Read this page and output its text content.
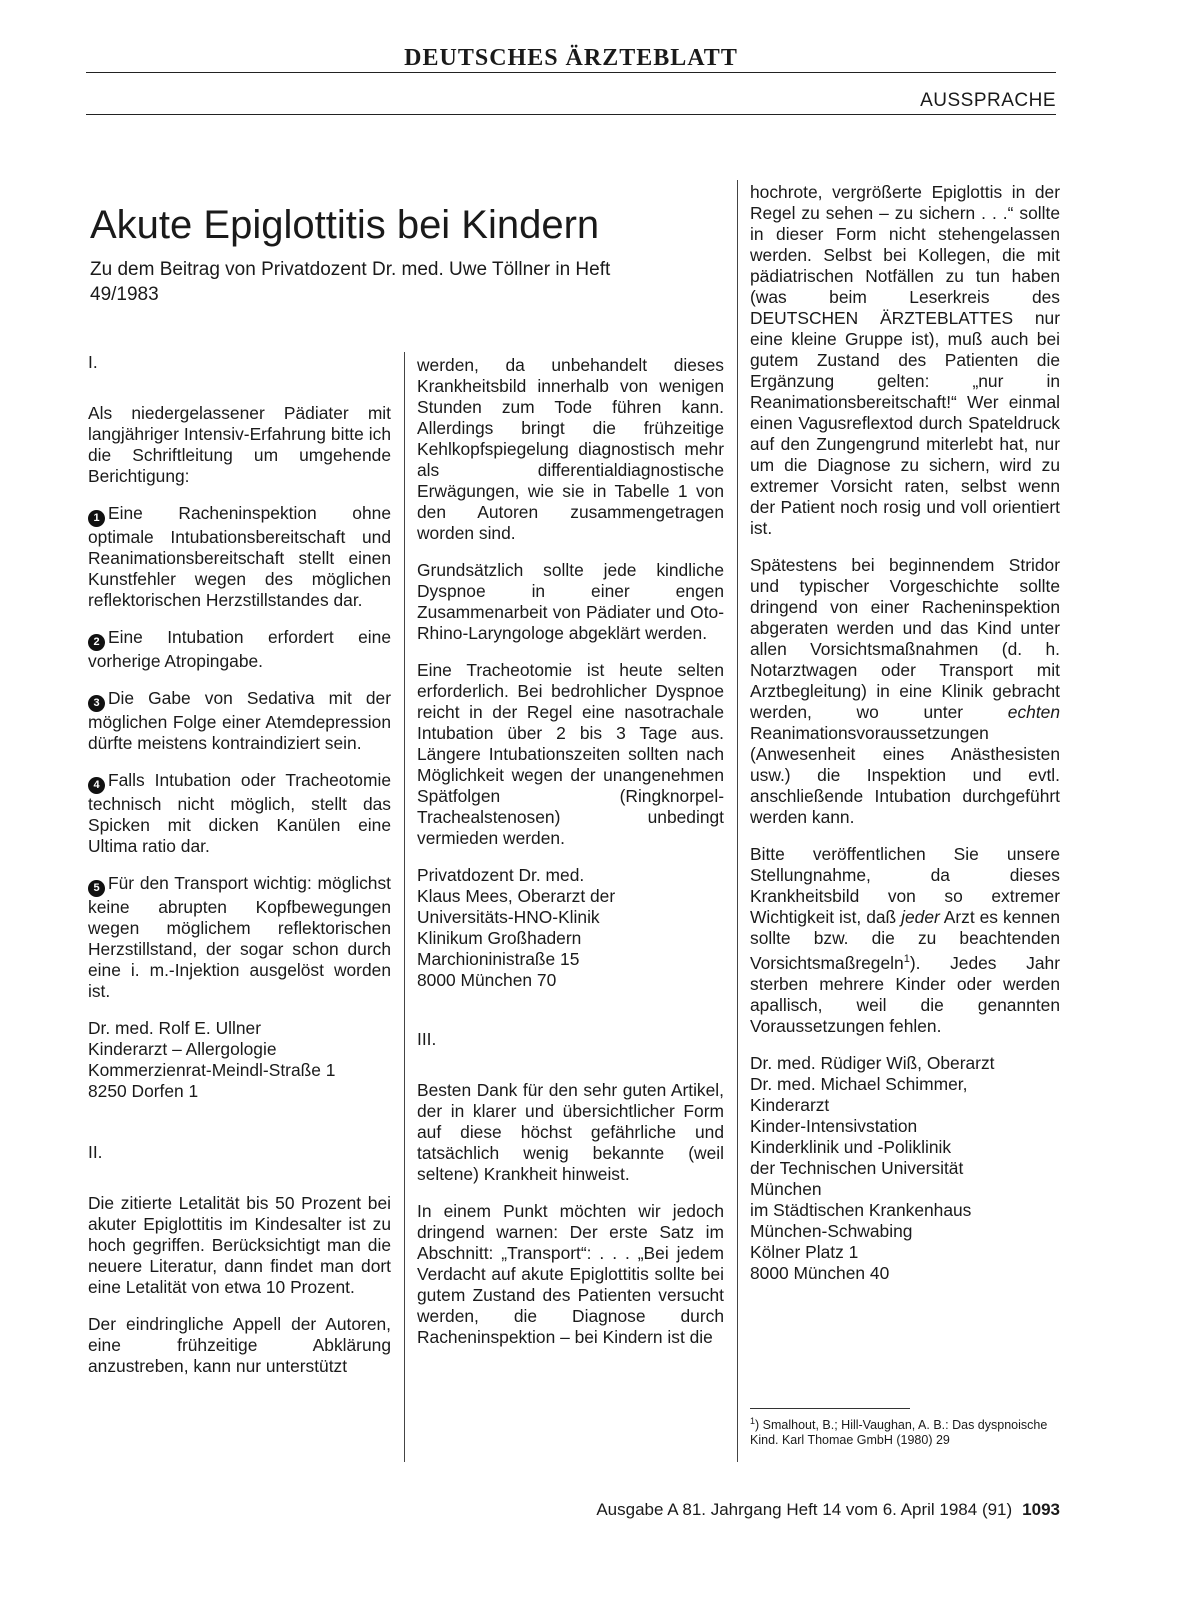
DEUTSCHES ÄRZTEBLATT
AUSSPRACHE
Akute Epiglottitis bei Kindern
Zu dem Beitrag von Privatdozent Dr. med. Uwe Töllner in Heft 49/1983

I.

Als niedergelassener Pädiater mit langjähriger Intensiv-Erfahrung bitte ich die Schriftleitung um umgehende Berichtigung:

1 Eine Racheninspektion ohne optimale Intubationsbereitschaft und Reanimationsbereitschaft stellt einen Kunstfehler wegen des möglichen reflektorischen Herzstillstandes dar.

2 Eine Intubation erfordert eine vorherige Atropingabe.

3 Die Gabe von Sedativa mit der möglichen Folge einer Atemdepression dürfte meistens kontraindiziert sein.

4 Falls Intubation oder Tracheotomie technisch nicht möglich, stellt das Spicken mit dicken Kanülen eine Ultima ratio dar.

5 Für den Transport wichtig: möglichst keine abrupten Kopfbewegungen wegen möglichem reflektorischen Herzstillstand, der sogar schon durch eine i. m.-Injektion ausgelöst worden ist.

Dr. med. Rolf E. Ullner
Kinderarzt – Allergologie
Kommerzienrat-Meindl-Straße 1
8250 Dorfen 1

II.

Die zitierte Letalität bis 50 Prozent bei akuter Epiglottitis im Kindesalter ist zu hoch gegriffen. Berücksichtigt man die neuere Literatur, dann findet man dort eine Letalität von etwa 10 Prozent.

Der eindringliche Appell der Autoren, eine frühzeitige Abklärung anzustreben, kann nur unterstützt

werden, da unbehandelt dieses Krankheitsbild innerhalb von wenigen Stunden zum Tode führen kann. Allerdings bringt die frühzeitige Kehlkopfspiegelung diagnostisch mehr als differentialdiagnostische Erwägungen, wie sie in Tabelle 1 von den Autoren zusammengetragen worden sind.

Grundsätzlich sollte jede kindliche Dyspnoe in einer engen Zusammenarbeit von Pädiater und Oto-Rhino-Laryngologe abgeklärt werden.

Eine Tracheotomie ist heute selten erforderlich. Bei bedrohlicher Dyspnoe reicht in der Regel eine nasotrachale Intubation über 2 bis 3 Tage aus. Längere Intubationszeiten sollten nach Möglichkeit wegen der unangenehmen Spätfolgen (Ringknorpel-Trachealstenosen) unbedingt vermieden werden.

Privatdozent Dr. med.
Klaus Mees, Oberarzt der
Universitäts-HNO-Klinik
Klinikum Großhadern
Marchioninistraße 15
8000 München 70

III.

Besten Dank für den sehr guten Artikel, der in klarer und übersichtlicher Form auf diese höchst gefährliche und tatsächlich wenig bekannte (weil seltene) Krankheit hinweist.

In einem Punkt möchten wir jedoch dringend warnen: Der erste Satz im Abschnitt: „Transport“: . . . „Bei jedem Verdacht auf akute Epiglottitis sollte bei gutem Zustand des Patienten versucht werden, die Diagnose durch Racheninspektion – bei Kindern ist die

hochrote, vergrößerte Epiglottis in der Regel zu sehen – zu sichern . . .“ sollte in dieser Form nicht stehengelassen werden. Selbst bei Kollegen, die mit pädiatrischen Notfällen zu tun haben (was beim Leserkreis des DEUTSCHEN ÄRZTEBLATTES nur eine kleine Gruppe ist), muß auch bei gutem Zustand des Patienten die Ergänzung gelten: „nur in Reanimationsbereitschaft!“ Wer einmal einen Vagusreflextod durch Spateldruck auf den Zungengrund miterlebt hat, nur um die Diagnose zu sichern, wird zu extremer Vorsicht raten, selbst wenn der Patient noch rosig und voll orientiert ist.

Spätestens bei beginnendem Stridor und typischer Vorgeschichte sollte dringend von einer Racheninspektion abgeraten werden und das Kind unter allen Vorsichtsmaßnahmen (d. h. Notarztwagen oder Transport mit Arztbegleitung) in eine Klinik gebracht werden, wo unter echten Reanimationsvoraussetzungen (Anwesenheit eines Anästhesisten usw.) die Inspektion und evtl. anschließende Intubation durchgeführt werden kann.

Bitte veröffentlichen Sie unsere Stellungnahme, da dieses Krankheitsbild von so extremer Wichtigkeit ist, daß jeder Arzt es kennen sollte bzw. die zu beachtenden Vorsichtsmaßregeln$^1$). Jedes Jahr sterben mehrere Kinder oder werden apallisch, weil die genannten Voraussetzungen fehlen.

Dr. med. Rüdiger Wiß, Oberarzt
Dr. med. Michael Schimmer,
Kinderarzt
Kinder-Intensivstation
Kinderklinik und -Poliklinik
der Technischen Universität
München
im Städtischen Krankenhaus
München-Schwabing
Kölner Platz 1
8000 München 40
$^1$) Smalhout, B.; Hill-Vaughan, A. B.: Das dyspnoische Kind. Karl Thomae GmbH (1980) 29
Ausgabe A 81. Jahrgang Heft 14 vom 6. April 1984 (91) 1093
